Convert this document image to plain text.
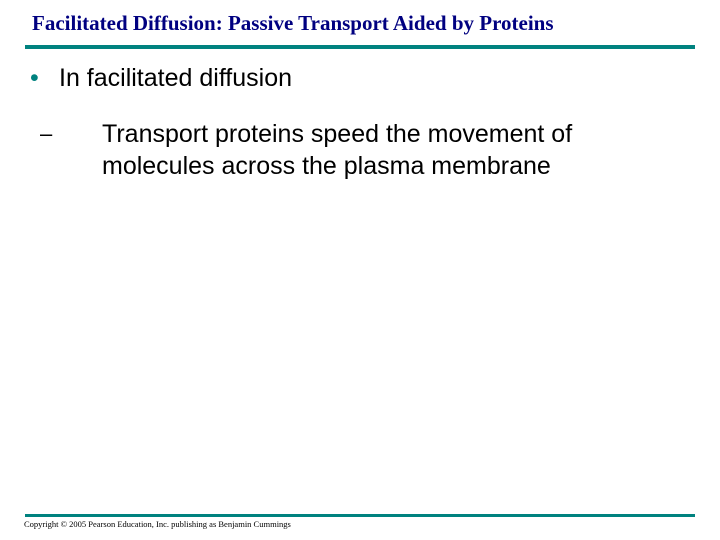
Facilitated Diffusion: Passive Transport Aided by Proteins
• In facilitated diffusion
– Transport proteins speed the movement of molecules across the plasma membrane
Copyright © 2005 Pearson Education, Inc. publishing as Benjamin Cummings
